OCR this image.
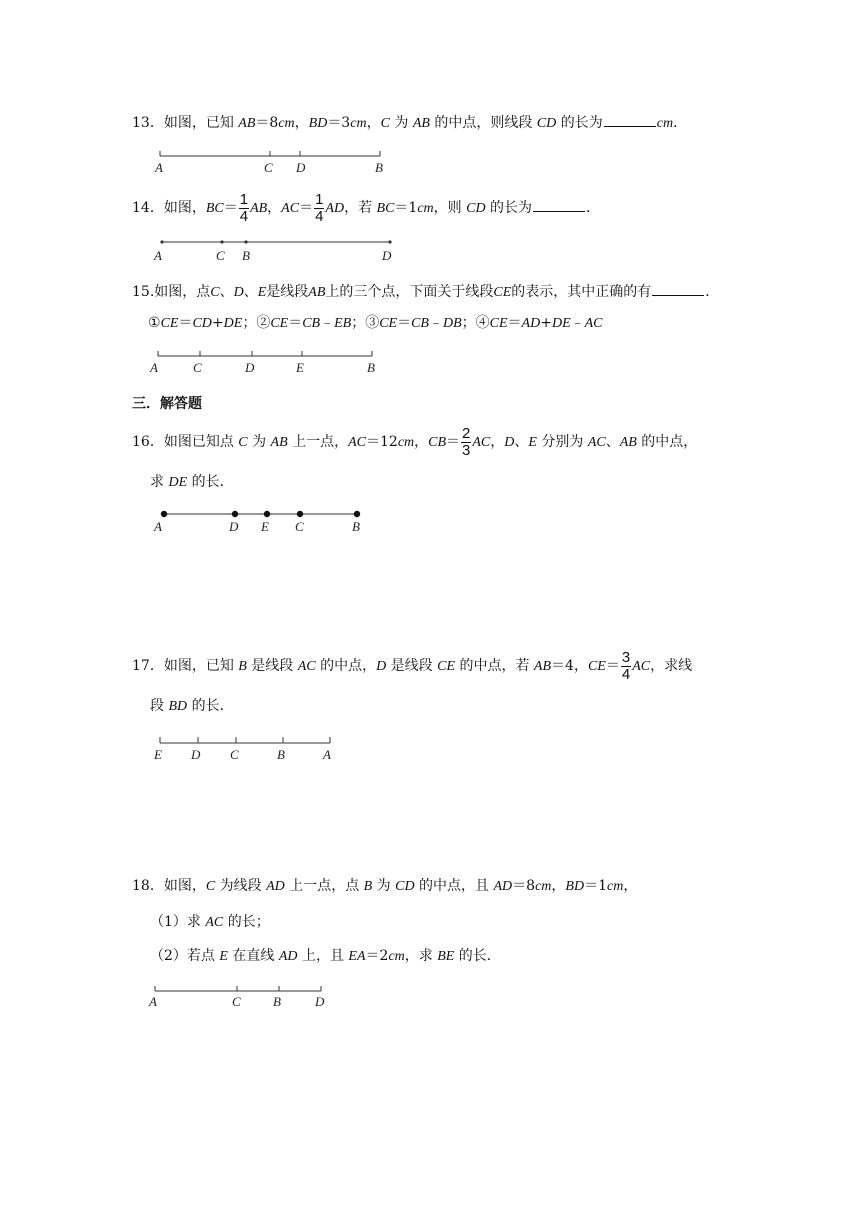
13．如图，已知 AB＝8cm，BD＝3cm，C 为 AB 的中点，则线段 CD 的长为	cm．
A	C D	B
14．如图，$BC= \frac{1}{4}$ AB，$AC= \frac{1}{4}$ AD，若 BC＝1cm，则 CD 的长为	．
A	C B	D
15.如图，点C、D、E是线段AB上的三个点，下面关于线段CE的表示，其中正确的有	．
①CE＝CD+DE；②CE＝CB﹣EB；③CE＝CB﹣DB；④CE＝AD+DE﹣AC
A	C	D	E	B
三．解答题
16．如图已知点 C 为 AB 上一点，AC＝12cm，$CB= \frac{2}{3}$ AC，D、E 分别为 AC、AB 的中点，
求 DE 的长．
A	D E C	B
17．如图，已知 B 是线段 AC 的中点，D 是线段 CE 的中点，若 AB＝4，$CE= \frac{3}{4}$ AC，求线
段 BD 的长．
E D C	B	A
18．如图，C 为线段 AD 上一点，点 B 为 CD 的中点，且 AD＝8cm，BD＝1cm，
（1）求 AC 的长；
（2）若点 E 在直线 AD 上，且 EA＝2cm，求 BE 的长．
A	C B	D
